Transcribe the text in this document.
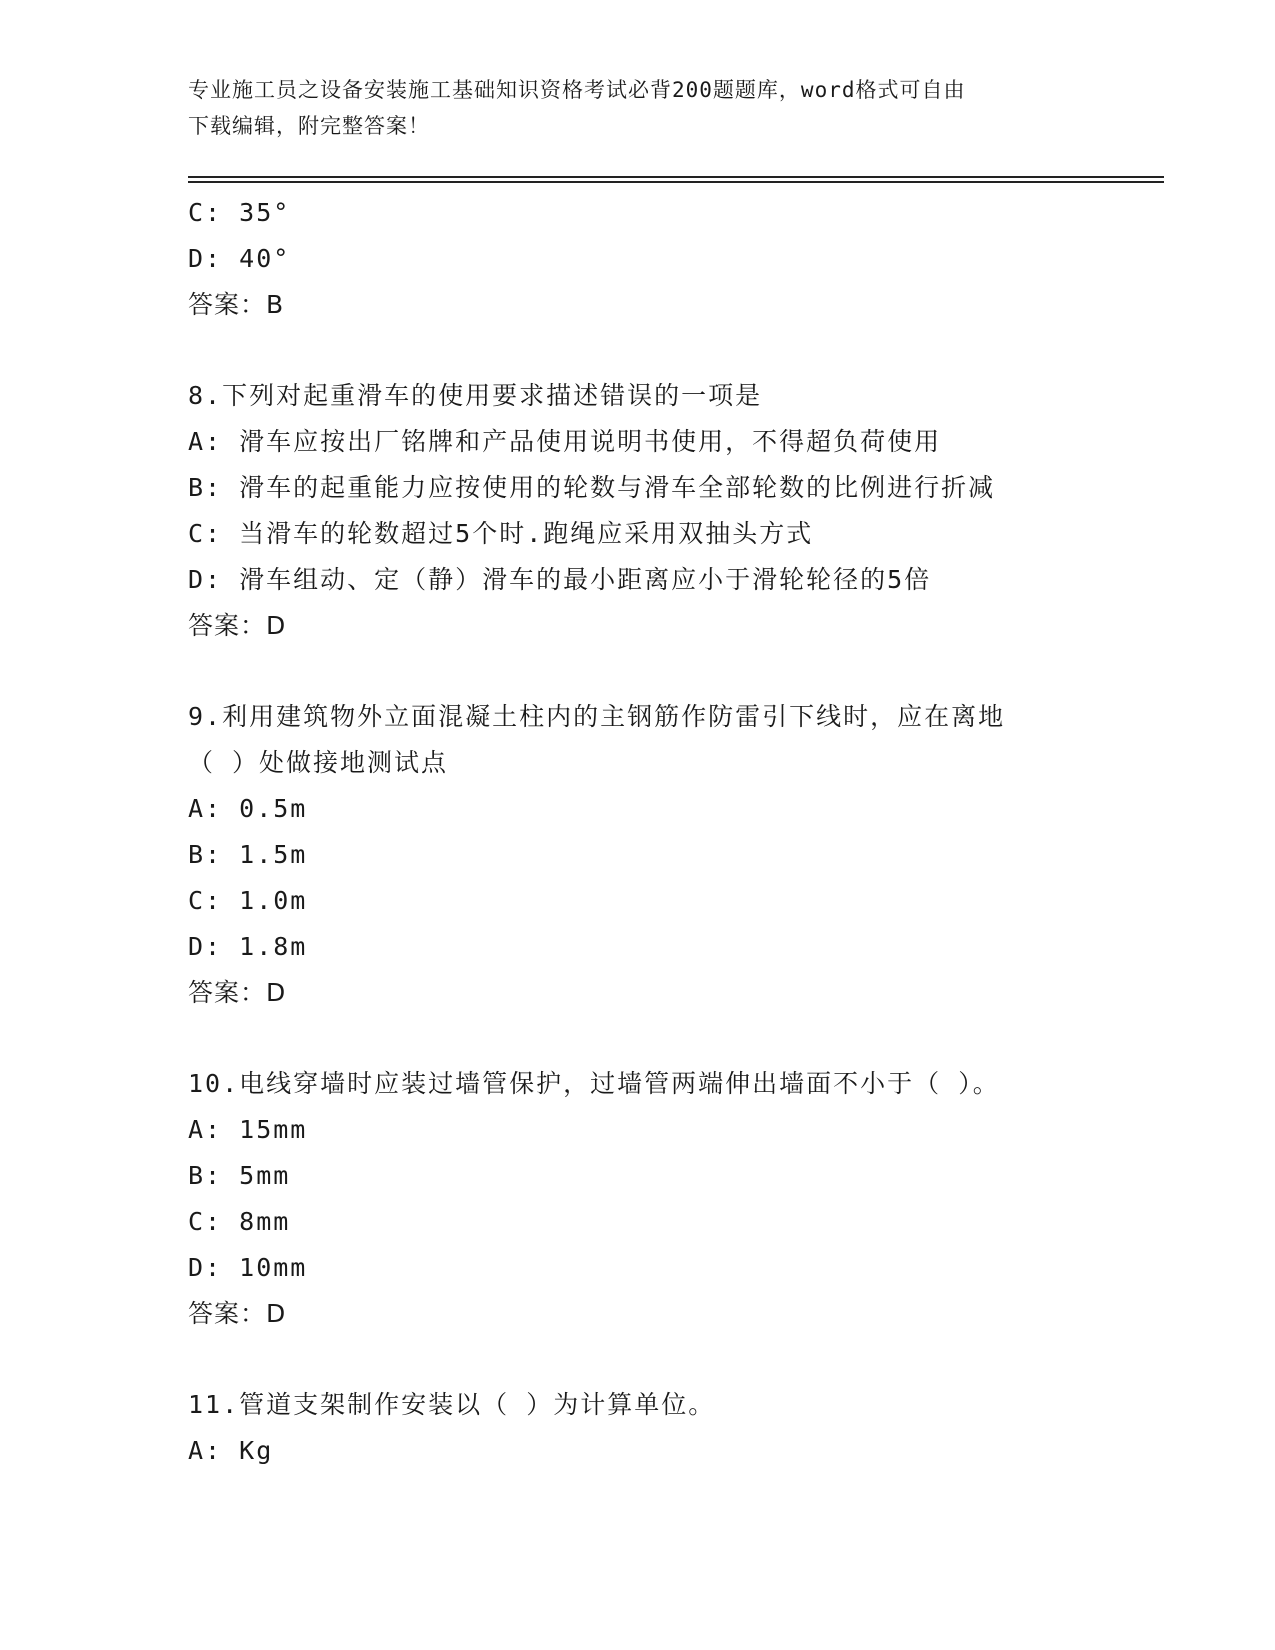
专业施工员之设备安装施工基础知识资格考试必背200题题库，word格式可自由
下载编辑，附完整答案！
C: 35°
D: 40°
答案：B
8.下列对起重滑车的使用要求描述错误的一项是
A: 滑车应按出厂铭牌和产品使用说明书使用，不得超负荷使用
B: 滑车的起重能力应按使用的轮数与滑车全部轮数的比例进行折减
C: 当滑车的轮数超过5个时.跑绳应采用双抽头方式
D: 滑车组动、定（静）滑车的最小距离应小于滑轮轮径的5倍
答案：D
9.利用建筑物外立面混凝土柱内的主钢筋作防雷引下线时，应在离地
（ ）处做接地测试点
A: 0.5m
B: 1.5m
C: 1.0m
D: 1.8m
答案：D
10.电线穿墙时应装过墙管保护，过墙管两端伸出墙面不小于（ ）。
A: 15mm
B: 5mm
C: 8mm
D: 10mm
答案：D
11.管道支架制作安装以（ ）为计算单位。
A: Kg
